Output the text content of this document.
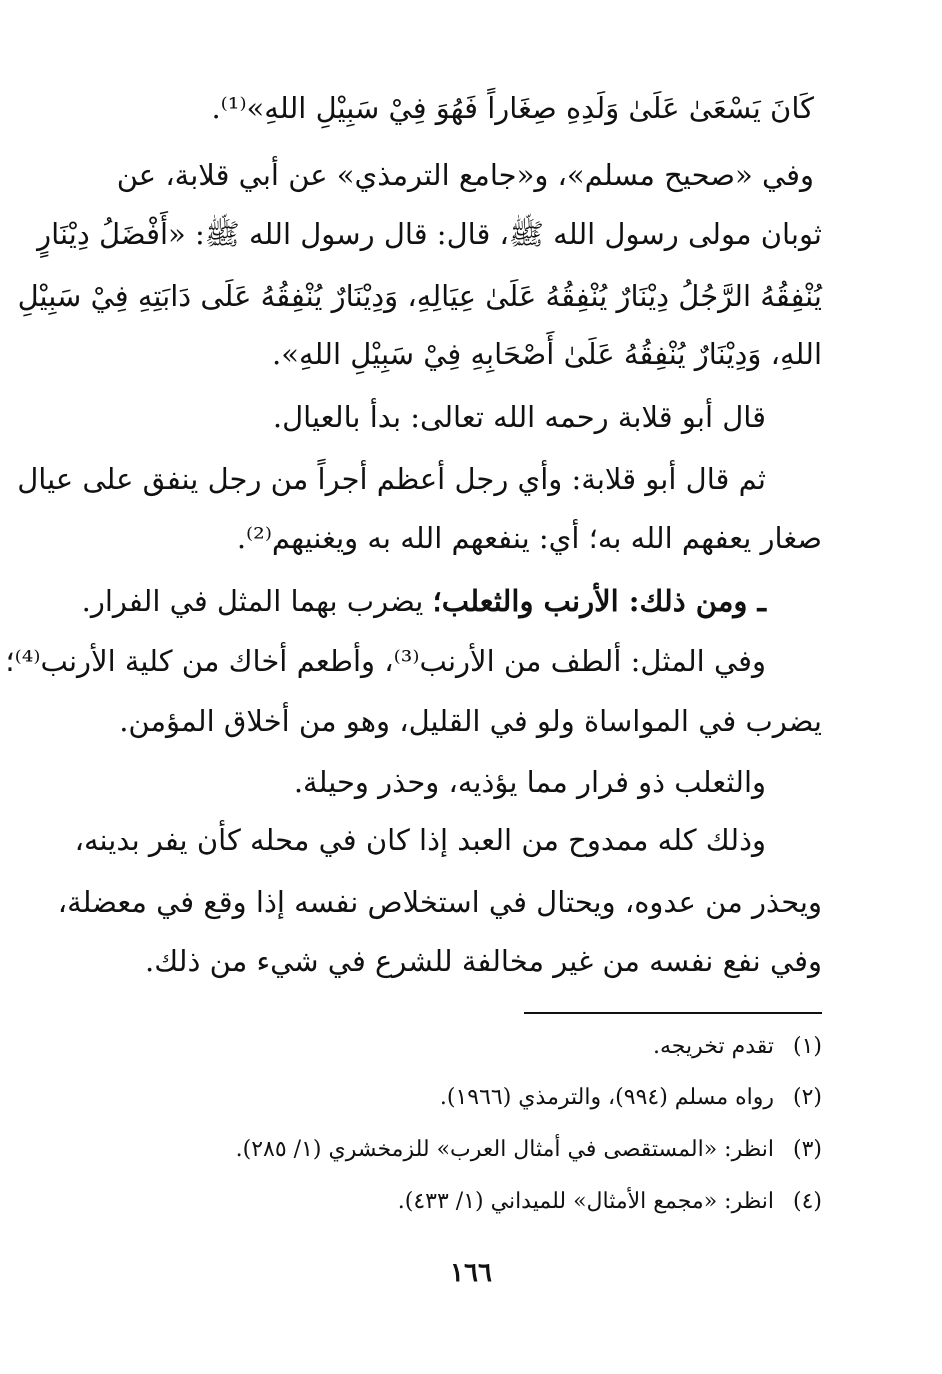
كَانَ يَسْعَىٰ عَلَىٰ وَلَدِهِ صِغَاراً فَهُوَ فِيْ سَبِيْلِ اللهِ»⁽¹⁾.
وفي «صحيح مسلم»، و«جامع الترمذي» عن أبي قلابة، عن
ثوبان مولى رسول الله ﷺ، قال: قال رسول الله ﷺ: «أَفْضَلُ دِيْنَارٍ
يُنْفِقُهُ الرَّجُلُ دِيْنَارٌ يُنْفِقُهُ عَلَىٰ عِيَالِهِ، وَدِيْنَارٌ يُنْفِقُهُ عَلَى دَابَتِهِ فِيْ سَبِيْلِ
اللهِ، وَدِيْنَارٌ يُنْفِقُهُ عَلَىٰ أَصْحَابِهِ فِيْ سَبِيْلِ اللهِ».
قال أبو قلابة رحمه الله تعالى: بدأ بالعيال.
ثم قال أبو قلابة: وأي رجل أعظم أجراً من رجل ينفق على عيال
صغار يعفهم الله به؛ أي: ينفعهم الله به ويغنيهم⁽²⁾.
ـ ومن ذلك: الأرنب والثعلب؛ يضرب بهما المثل في الفرار.
وفي المثل: ألطف من الأرنب⁽³⁾، وأطعم أخاك من كلية الأرنب⁽⁴⁾؛
يضرب في المواساة ولو في القليل، وهو من أخلاق المؤمن.
والثعلب ذو فرار مما يؤذيه، وحذر وحيلة.
وذلك كله ممدوح من العبد إذا كان في محله كأن يفر بدينه،
ويحذر من عدوه، ويحتال في استخلاص نفسه إذا وقع في معضلة،
وفي نفع نفسه من غير مخالفة للشرع في شيء من ذلك.
(١)تقدم تخريجه.
(٢)رواه مسلم (٩٩٤)، والترمذي (١٩٦٦).
(٣)انظر: «المستقصى في أمثال العرب» للزمخشري (١/ ٢٨٥).
(٤)انظر: «مجمع الأمثال» للميداني (١/ ٤٣٣).
١٦٦
